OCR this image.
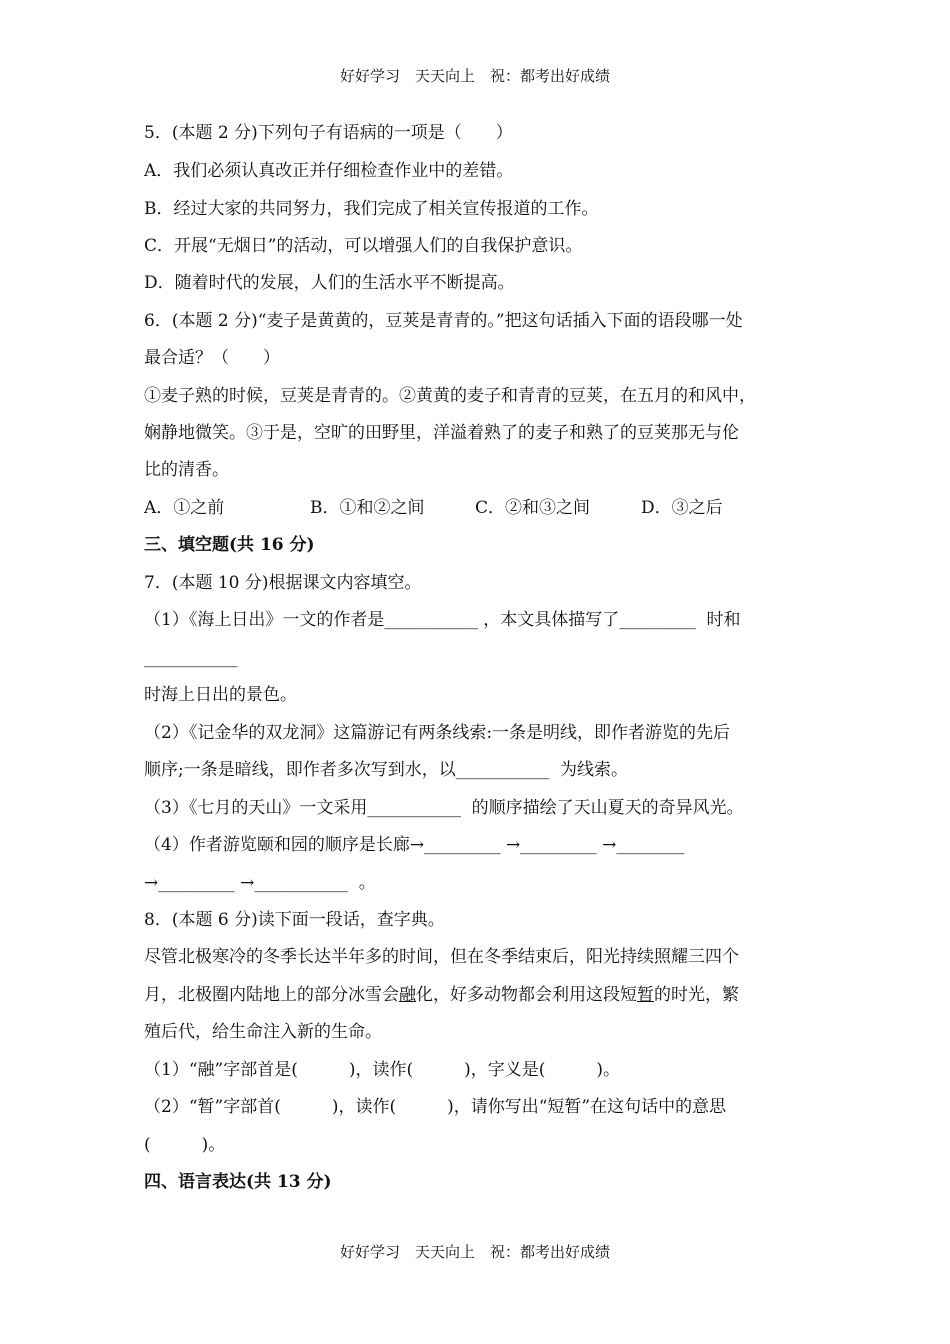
好好学习　天天向上　祝：都考出好成绩
5．(本题 2 分)下列句子有语病的一项是（　　）
A．我们必须认真改正并仔细检查作业中的差错。
B．经过大家的共同努力，我们完成了相关宣传报道的工作。
C．开展“无烟日”的活动，可以增强人们的自我保护意识。
D．随着时代的发展，人们的生活水平不断提高。
6．(本题 2 分)“麦子是黄黄的，豆荚是青青的。”把这句话插入下面的语段哪一处
最合适？（　　）
①麦子熟的时候，豆荚是青青的。②黄黄的麦子和青青的豆荚，在五月的和风中，
娴静地微笑。③于是，空旷的田野里，洋溢着熟了的麦子和熟了的豆荚那无与伦
比的清香。
A．①之前	B．①和②之间	C．②和③之间	D．③之后
三、填空题(共 16 分)
7．(本题 10 分)根据课文内容填空。
（1）《海上日出》一文的作者是___________ ，本文具体描写了_________  时和
___________
时海上日出的景色。
（2）《记金华的双龙洞》这篇游记有两条线索:一条是明线，即作者游览的先后
顺序;一条是暗线，即作者多次写到水，以___________  为线索。
（3）《七月的天山》一文采用___________  的顺序描绘了天山夏天的奇异风光。
（4）作者游览颐和园的顺序是长廊→_________ →_________ →________
→_________ →___________  。
8．(本题 6 分)读下面一段话，查字典。
尽管北极寒冷的冬季长达半年多的时间，但在冬季结束后，阳光持续照耀三四个
月，北极圈内陆地上的部分冰雪会融化，好多动物都会利用这段短暂的时光，繁
殖后代，给生命注入新的生命。
（1）“融”字部首是(　　　)，读作(　　　)，字义是(　　　)。
（2）“暂”字部首(　　　)，读作(　　　)，请你写出“短暂”在这句话中的意思
(　　　)。
四、语言表达(共 13 分)
好好学习　天天向上　祝：都考出好成绩
